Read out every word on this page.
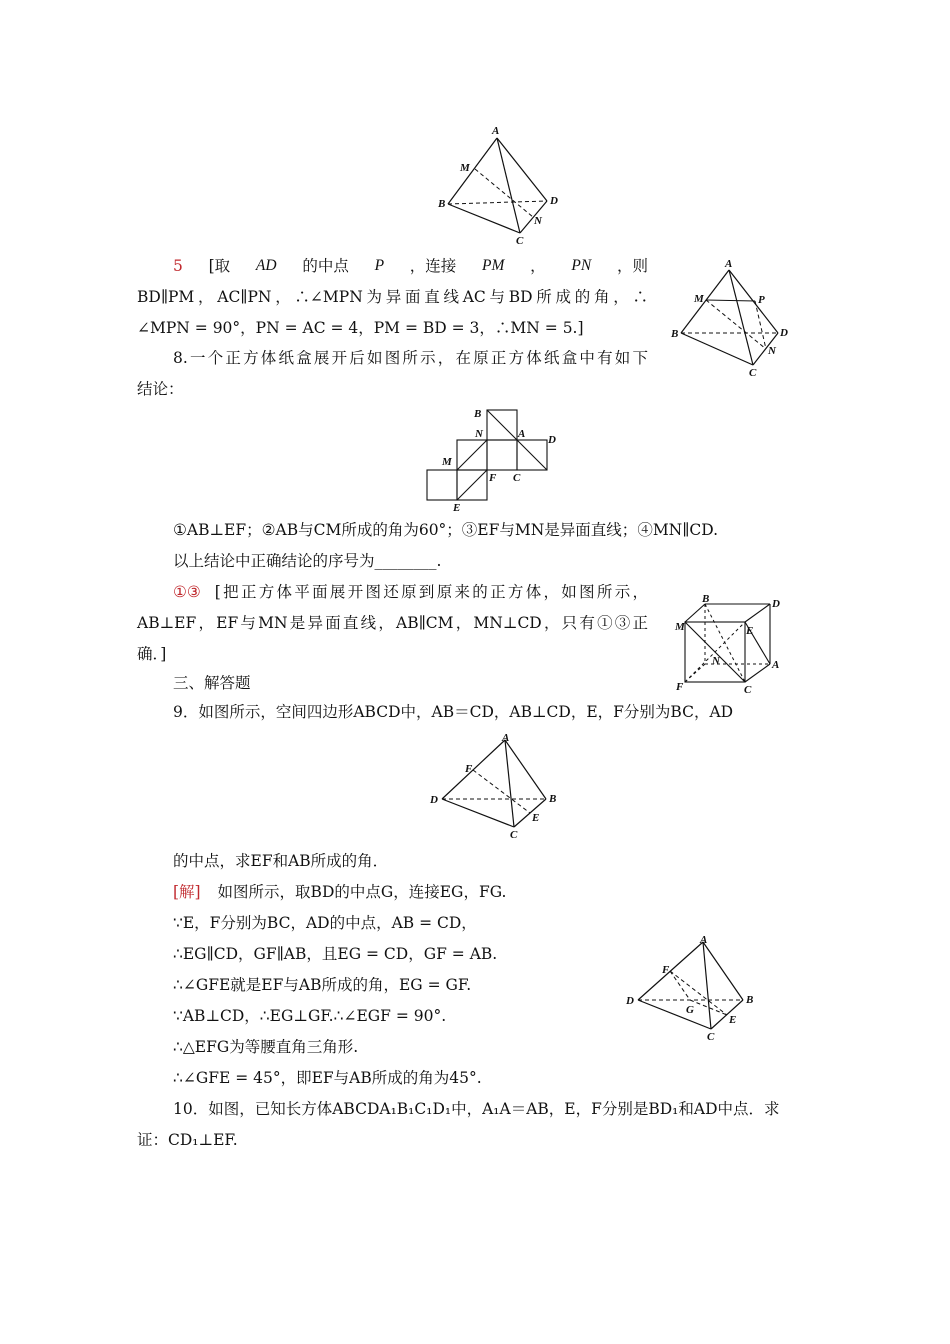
A
M
B	D
N
C
5 [取 AD 的中点 P ，连接 PM ， PN ，则
BD∥PM，AC∥PN，∴∠MPN为异面直线AC与BD所成的角，∴
∠MPN = 90°，PN = AC = 4，PM = BD = 3，∴MN = 5.]
A
M	P
B	D
N
C
8.一个正方体纸盒展开后如图所示，在原正方体纸盒中有如下
结论：
B
N	A D
M
F C
E
①AB⊥EF；②AB与CM所成的角为60°；③EF与MN是异面直线；④MN∥CD.
以上结论中正确结论的序号为________.
①③ [把正方体平面展开图还原到原来的正方体，如图所示，
AB⊥EF，EF与MN是异面直线，AB∥CM，MN⊥CD，只有①③正
确．]
B	D
M	E
N	A
F	C
三、解答题
9．如图所示，空间四边形ABCD中，AB＝CD，AB⊥CD，E，F分别为BC，AD
A
F
D	B
E
C
的中点，求EF和AB所成的角．
[解] 如图所示，取BD的中点G，连接EG，FG.
∵E，F分别为BC，AD的中点，AB = CD，
∴EG∥CD，GF∥AB，且EG = CD，GF = AB.
∴∠GFE就是EF与AB所成的角，EG = GF.
∵AB⊥CD，∴EG⊥GF.∴∠EGF = 90°.
∴△EFG为等腰直角三角形.
∴∠GFE = 45°，即EF与AB所成的角为45°.
A
F
D
G
B
E
C
10．如图，已知长方体ABCDA₁B₁C₁D₁中，A₁A＝AB，E，F分别是BD₁和AD中点．求
证：CD₁⊥EF.
